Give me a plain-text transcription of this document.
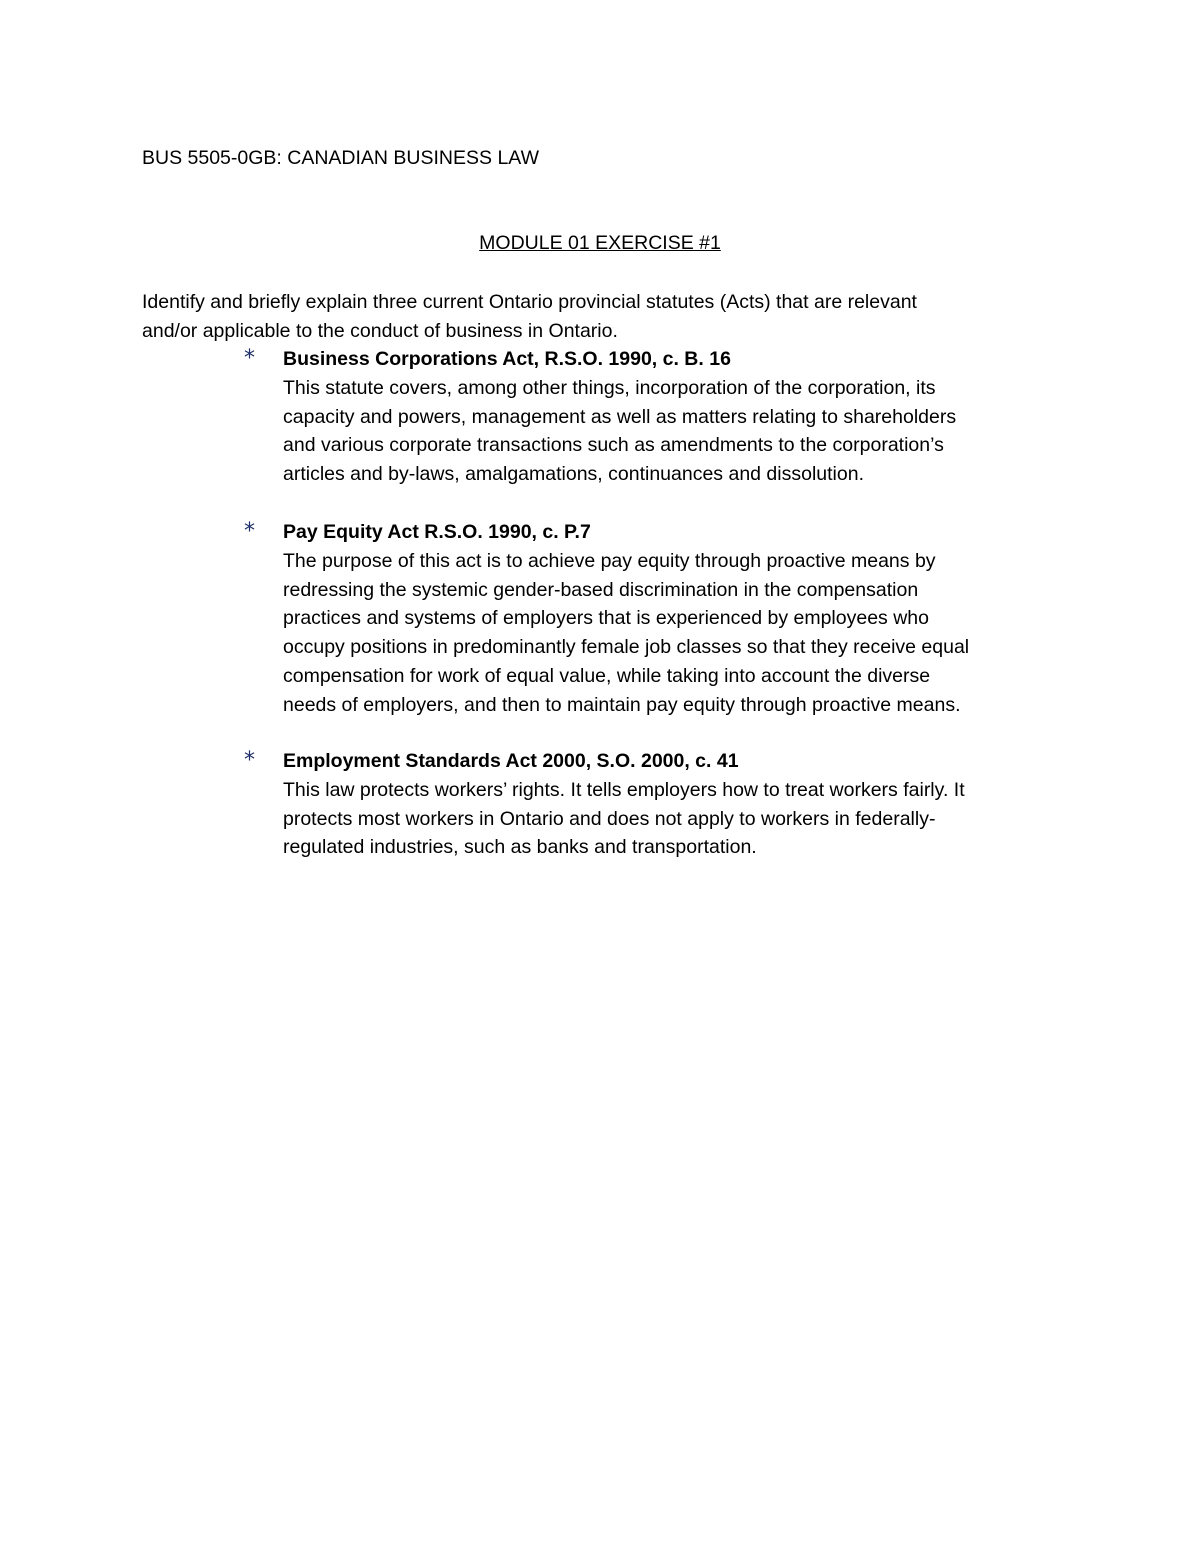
BUS 5505-0GB: CANADIAN BUSINESS LAW
MODULE 01 EXERCISE #1
Identify and briefly explain three current Ontario provincial statutes (Acts) that are relevant
and/or applicable to the conduct of business in Ontario.
*	Business Corporations Act, R.S.O. 1990, c. B. 16
This statute covers, among other things, incorporation of the corporation, its
capacity and powers, management as well as matters relating to shareholders
and various corporate transactions such as amendments to the corporation’s
articles and by-laws, amalgamations, continuances and dissolution.
*	Pay Equity Act R.S.O. 1990, c. P.7
The purpose of this act is to achieve pay equity through proactive means by
redressing the systemic gender-based discrimination in the compensation
practices and systems of employers that is experienced by employees who
occupy positions in predominantly female job classes so that they receive equal
compensation for work of equal value, while taking into account the diverse
needs of employers, and then to maintain pay equity through proactive means.
*	Employment Standards Act 2000, S.O. 2000, c. 41
This law protects workers’ rights. It tells employers how to treat workers fairly. It
protects most workers in Ontario and does not apply to workers in federally-
regulated industries, such as banks and transportation.
